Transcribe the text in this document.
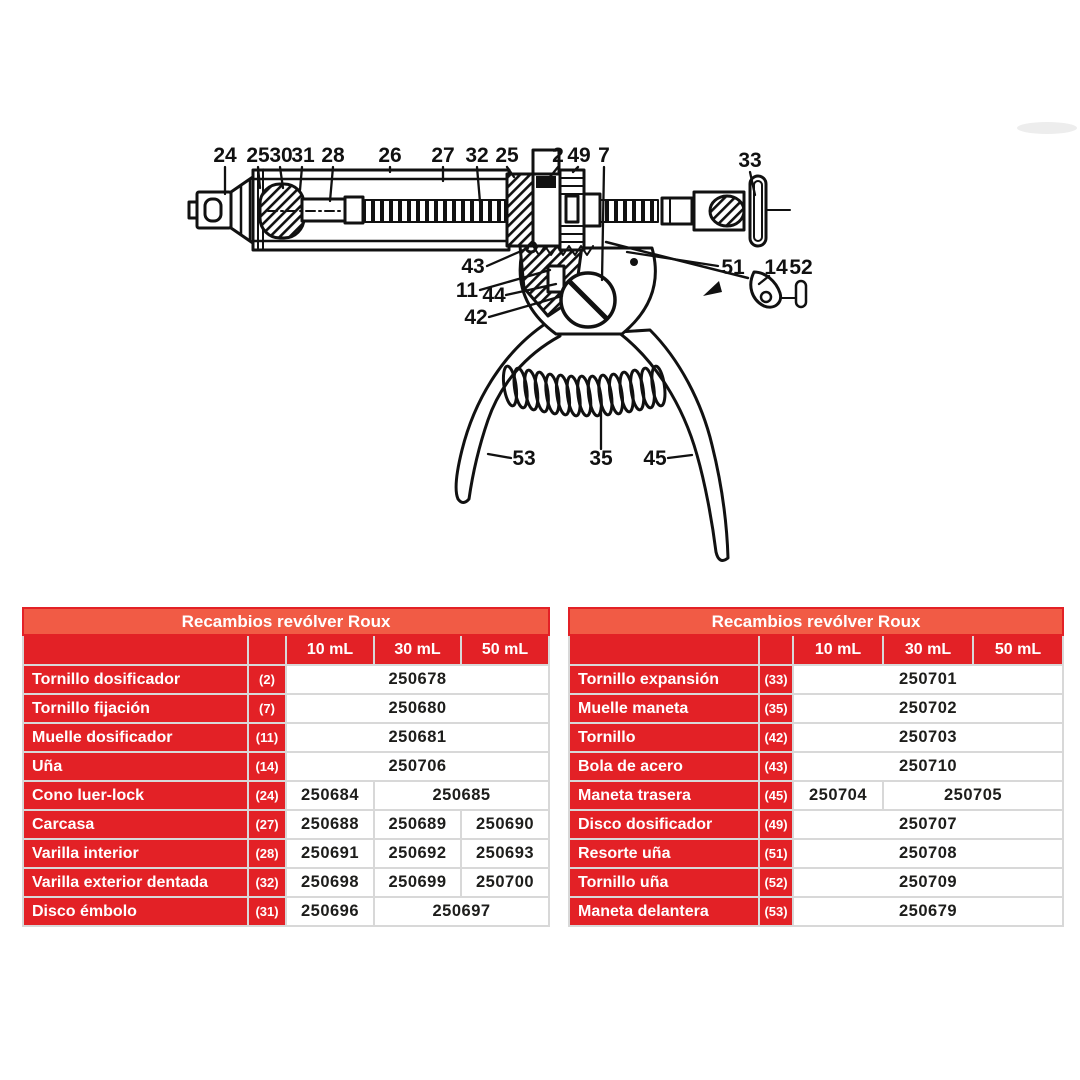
24 25 30
31 28 26 27 32 25 2 49 7	33
43
11 44
42
51 14 52
53	35 45
Recambios revólver Roux				
		10 mL	30 mL	50 mL
Tornillo dosificador	(2)	250678		
Tornillo fijación	(7)	250680		
Muelle dosificador	(11)	250681		
Uña	(14)	250706		
Cono luer-lock	(24)	250684	250685	
Carcasa	(27)	250688	250689	250690
Varilla interior	(28)	250691	250692	250693
Varilla exterior dentada	(32)	250698	250699	250700
Disco émbolo	(31)	250696	250697	
Recambios revólver Roux				
		10 mL	30 mL	50 mL
Tornillo expansión	(33)	250701		
Muelle maneta	(35)	250702		
Tornillo	(42)	250703		
Bola de acero	(43)	250710		
Maneta trasera	(45)	250704	250705	
Disco dosificador	(49)	250707		
Resorte uña	(51)	250708		
Tornillo uña	(52)	250709		
Maneta delantera	(53)	250679		
